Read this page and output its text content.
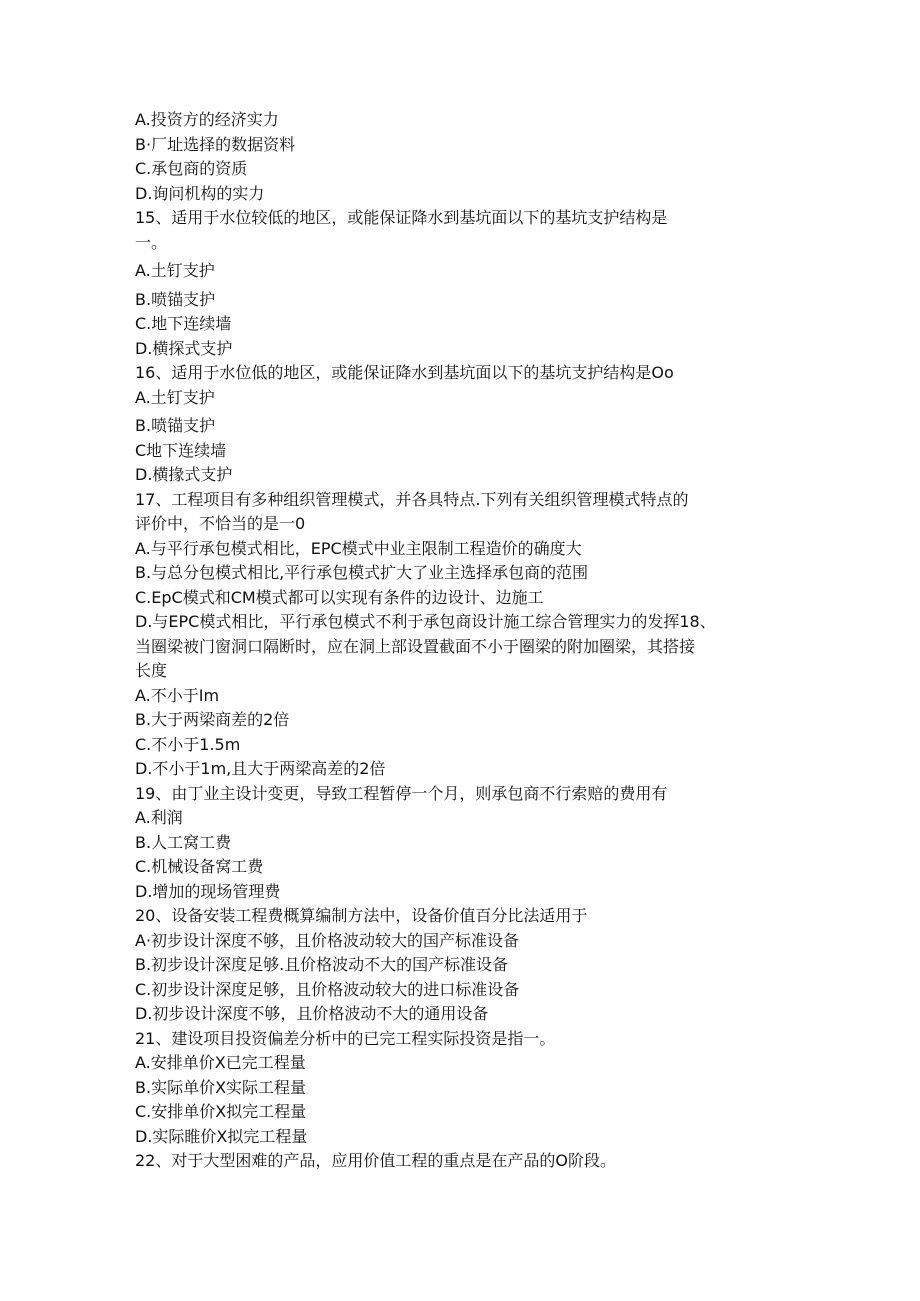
A.投资方的经济实力
B·厂址选择的数据资料
C.承包商的资质
D.询问机构的实力
15、适用于水位较低的地区，或能保证降水到基坑面以下的基坑支护结构是
一。
A.土钉支护
B.喷锚支护
C.地下连续墙
D.横探式支护
16、适用于水位低的地区，或能保证降水到基坑面以下的基坑支护结构是Oo
A.土钉支护
B.喷锚支护
C地下连续墙
D.横掾式支护
17、工程项目有多种组织管理模式，并各具特点.下列有关组织管理模式特点的
评价中，不恰当的是一0
A.与平行承包模式相比，EPC模式中业主限制工程造价的确度大
B.与总分包模式相比,平行承包模式扩大了业主选择承包商的范围
C.EpC模式和CM模式都可以实现有条件的边设计、边施工
D.与EPC模式相比，平行承包模式不利于承包商设计施工综合管理实力的发挥18、
当圈梁被门窗洞口隔断时，应在洞上部设置截面不小于圈梁的附加圈梁，其搭接
长度
A.不小于Im
B.大于两梁商差的2倍
C.不小于1.5m
D.不小于1m,且大于两梁高差的2倍
19、由丁业主设计变更，导致工程暂停一个月，则承包商不行索赔的费用有
A.利润
B.人工窝工费
C.机械设备窝工费
D.增加的现场管理费
20、设备安装工程费概算编制方法中，设备价值百分比法适用于
A·初步设计深度不够，且价格波动较大的国产标准设备
B.初步设计深度足够.且价格波动不大的国产标准设备
C.初步设计深度足够，且价格波动较大的进口标准设备
D.初步设计深度不够，且价格波动不大的通用设备
21、建设项目投资偏差分析中的已完工程实际投资是指一。
A.安排单价X已完工程量
B.实际单价X实际工程量
C.安排单价X拟完工程量
D.实际睢价X拟完工程量
22、对于大型困难的产品，应用价值工程的重点是在产品的O阶段。
